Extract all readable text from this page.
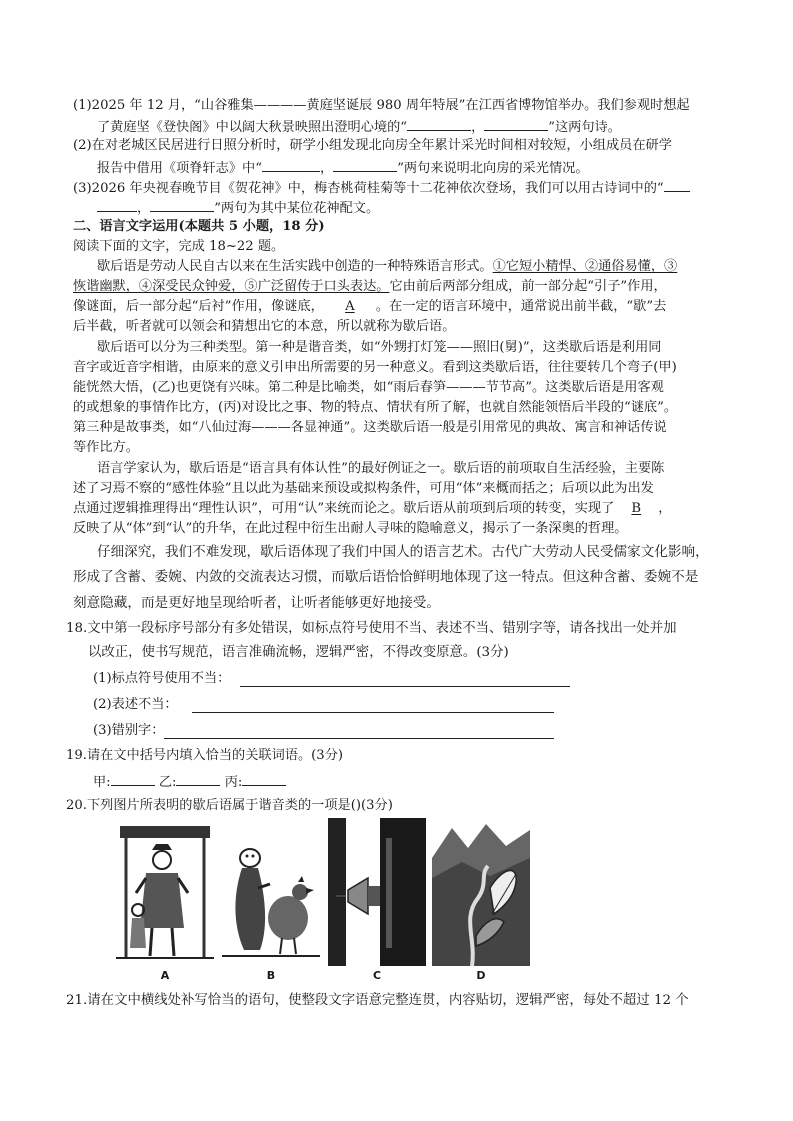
(1)2025 年 12 月，“山谷雅集————黄庭坚诞辰 980 周年特展”在江西省博物馆举办。我们参观时想起
了黄庭坚《登快阁》中以阔大秋景映照出澄明心境的“	，	”这两句诗。
(2)在对老城区民居进行日照分析时，研学小组发现北向房全年累计采光时间相对较短，小组成员在研学
报告中借用《项脊轩志》中“	，	”两句来说明北向房的采光情况。
(3)2026 年央视春晚节目《贺花神》中，梅杏桃荷桂菊等十二花神依次登场，我们可以用古诗词中的“
，	”两句为其中某位花神配文。
二、语言文字运用(本题共 5 小题，18 分)
阅读下面的文字，完成 18~22 题。
歇后语是劳动人民自古以来在生活实践中创造的一种特殊语言形式。①它短小精悍、②通俗易懂，③
恢谐幽默，④深受民众钟爱，⑤广泛留传于口头表达。它由前后两部分组成，前一部分起“引子”作用，
像谜面，后一部分起“后衬”作用，像谜底， A 。在一定的语言环境中，通常说出前半截，“歇”去
后半截，听者就可以领会和猜想出它的本意，所以就称为歇后语。
歇后语可以分为三种类型。第一种是谐音类，如“外甥打灯笼——照旧(舅)”，这类歇后语是利用同
音字或近音字相谐，由原来的意义引申出所需要的另一种意义。看到这类歇后语，往往要转几个弯子(甲)
能恍然大悟，(乙)也更饶有兴味。第二种是比喻类，如“雨后春笋———节节高”。这类歇后语是用客观
的或想象的事情作比方，(丙)对设比之事、物的特点、情状有所了解，也就自然能领悟后半段的“谜底”。
第三种是故事类，如“八仙过海———各显神通”。这类歇后语一般是引用常见的典故、寓言和神话传说
等作比方。
语言学家认为，歇后语是“语言具有体认性”的最好例证之一。歇后语的前项取自生活经验，主要陈
述了习焉不察的“感性体验”且以此为基础来预设或拟构条件，可用“体”来概而括之；后项以此为出发
点通过逻辑推理得出“理性认识”，可用“认”来统而论之。歇后语从前项到后项的转变，实现了 B ，
反映了从“体”到“认”的升华，在此过程中衍生出耐人寻味的隐喻意义，揭示了一条深奥的哲理。
仔细深究，我们不难发现，歇后语体现了我们中国人的语言艺术。古代广大劳动人民受儒家文化影响，
形成了含蓄、委婉、内敛的交流表达习惯，而歇后语恰恰鲜明地体现了这一特点。但这种含蓄、委婉不是
刻意隐藏，而是更好地呈现给听者，让听者能够更好地接受。
18.文中第一段标序号部分有多处错误，如标点符号使用不当、表述不当、错别字等，请各找出一处并加
以改正，使书写规范，语言准确流畅，逻辑严密，不得改变原意。(3分)
(1)标点符号使用不当：
(2)表述不当：
(3)错别字：
19.请在文中括号内填入恰当的关联词语。(3分)
甲:	乙:	丙:
20.下列图片所表明的歇后语属于谐音类的一项是()(3分)
A	B	C	D
21.请在文中横线处补写恰当的语句，使整段文字语意完整连贯，内容贴切，逻辑严密，每处不超过 12 个
